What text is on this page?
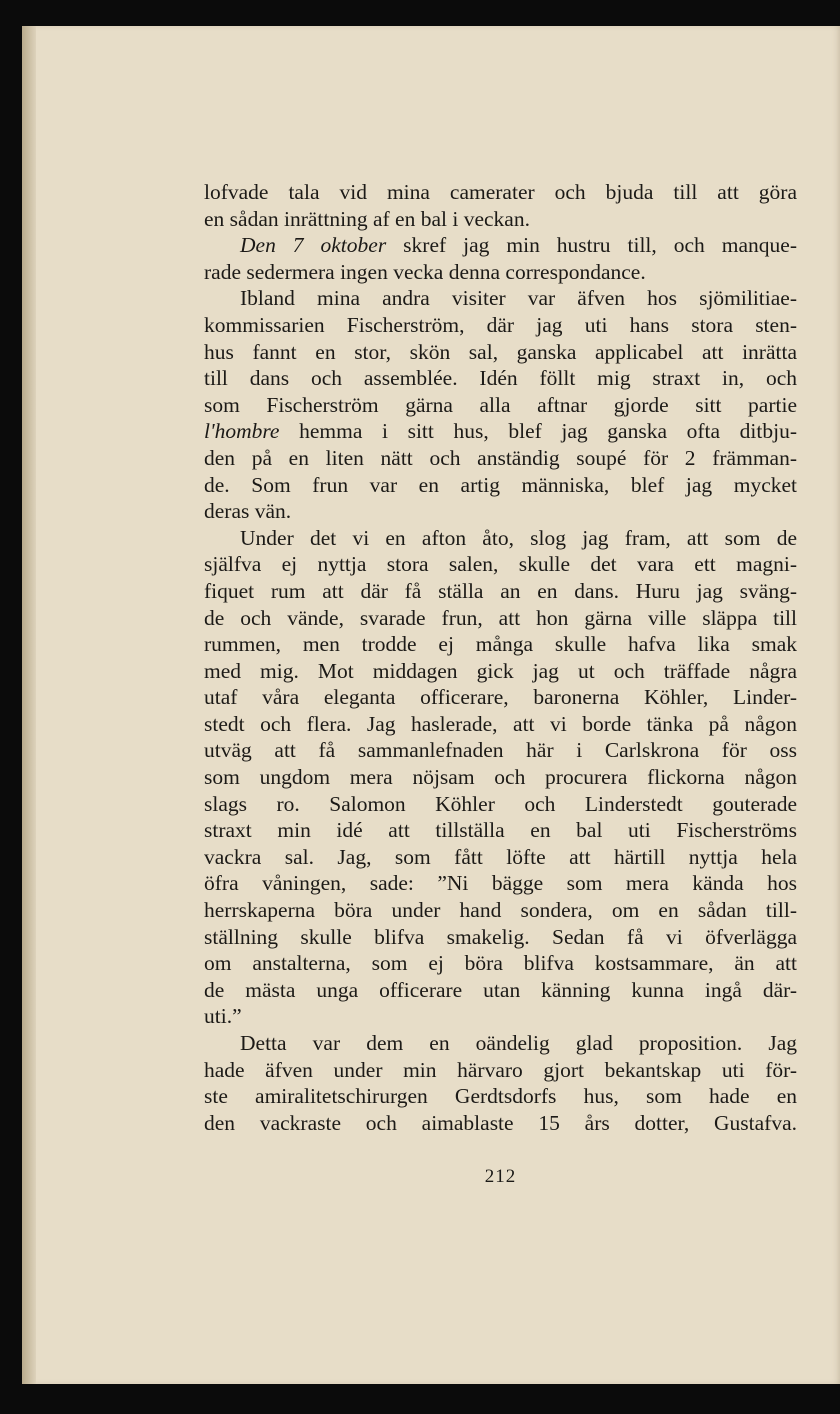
lofvade tala vid mina camerater och bjuda till att göra
en sådan inrättning af en bal i veckan.
Den 7 oktober skref jag min hustru till, och manque-
rade sedermera ingen vecka denna correspondance.
Ibland mina andra visiter var äfven hos sjömilitiae-
kommissarien Fischerström, där jag uti hans stora sten-
hus fannt en stor, skön sal, ganska applicabel att inrätta
till dans och assemblée. Idén föllt mig straxt in, och
som Fischerström gärna alla aftnar gjorde sitt partie
l'hombre hemma i sitt hus, blef jag ganska ofta ditbju-
den på en liten nätt och anständig soupé för 2 främman-
de. Som frun var en artig människa, blef jag mycket
deras vän.
Under det vi en afton åto, slog jag fram, att som de
själfva ej nyttja stora salen, skulle det vara ett magni-
fiquet rum att där få ställa an en dans. Huru jag sväng-
de och vände, svarade frun, att hon gärna ville släppa till
rummen, men trodde ej många skulle hafva lika smak
med mig. Mot middagen gick jag ut och träffade några
utaf våra eleganta officerare, baronerna Köhler, Linder-
stedt och flera. Jag haslerade, att vi borde tänka på någon
utväg att få sammanlefnaden här i Carlskrona för oss
som ungdom mera nöjsam och procurera flickorna någon
slags ro. Salomon Köhler och Linderstedt gouterade
straxt min idé att tillställa en bal uti Fischerströms
vackra sal. Jag, som fått löfte att härtill nyttja hela
öfra våningen, sade: ”Ni bägge som mera kända hos
herrskaperna böra under hand sondera, om en sådan till-
ställning skulle blifva smakelig. Sedan få vi öfverlägga
om anstalterna, som ej böra blifva kostsammare, än att
de mästa unga officerare utan känning kunna ingå där-
uti.”
Detta var dem en oändelig glad proposition. Jag
hade äfven under min härvaro gjort bekantskap uti för-
ste amiralitetschirurgen Gerdtsdorfs hus, som hade en
den vackraste och aimablaste 15 års dotter, Gustafva.
212
